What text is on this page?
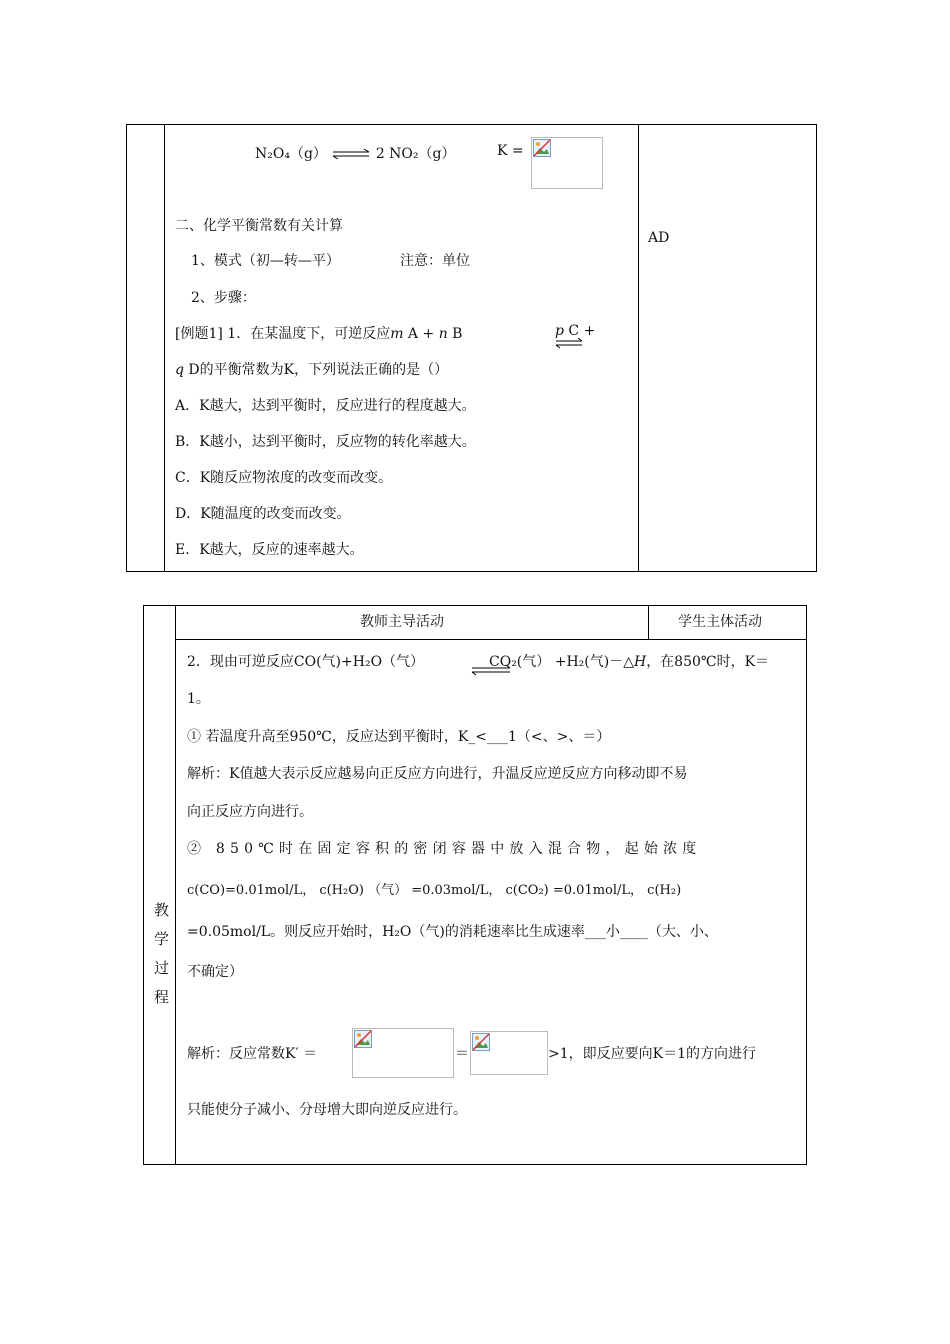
N₂O₄（g） ⇌ 2 NO₂（g）	K =
二、化学平衡常数有关计算
1、模式（初—转—平）	注意：单位
2、步骤：
[例题1] 1．在某温度下，可逆反应m A + n B	p C +
q D的平衡常数为K，下列说法正确的是（）
A．K越大，达到平衡时，反应进行的程度越大。
B．K越小，达到平衡时，反应物的转化率越大。
C．K随反应物浓度的改变而改变。
D．K随温度的改变而改变。
E．K越大，反应的速率越大。
AD
教师主导活动	学生主体活动
教学过程
2．现由可逆反应CO(气)+H₂O（气）	CO₂(气） +H₂(气)－△H，在850℃时，K＝
1。
① 若温度升高至950℃，反应达到平衡时，K_<___1（<、>、＝）
解析：K值越大表示反应越易向正反应方向进行，升温反应逆反应方向移动即不易
向正反应方向进行。
② 850℃时在固定容积的密闭容器中放入混合物，起始浓度
c(CO)=0.01mol/L， c(H₂O) （气） =0.03mol/L， c(CO₂) =0.01mol/L， c(H₂)
=0.05mol/L。则反应开始时，H₂O（气)的消耗速率比生成速率___小____（大、小、
不确定）
解析：反应常数K′ ＝	＝	>1，即反应要向K＝1的方向进行
只能使分子减小、分母增大即向逆反应进行。
